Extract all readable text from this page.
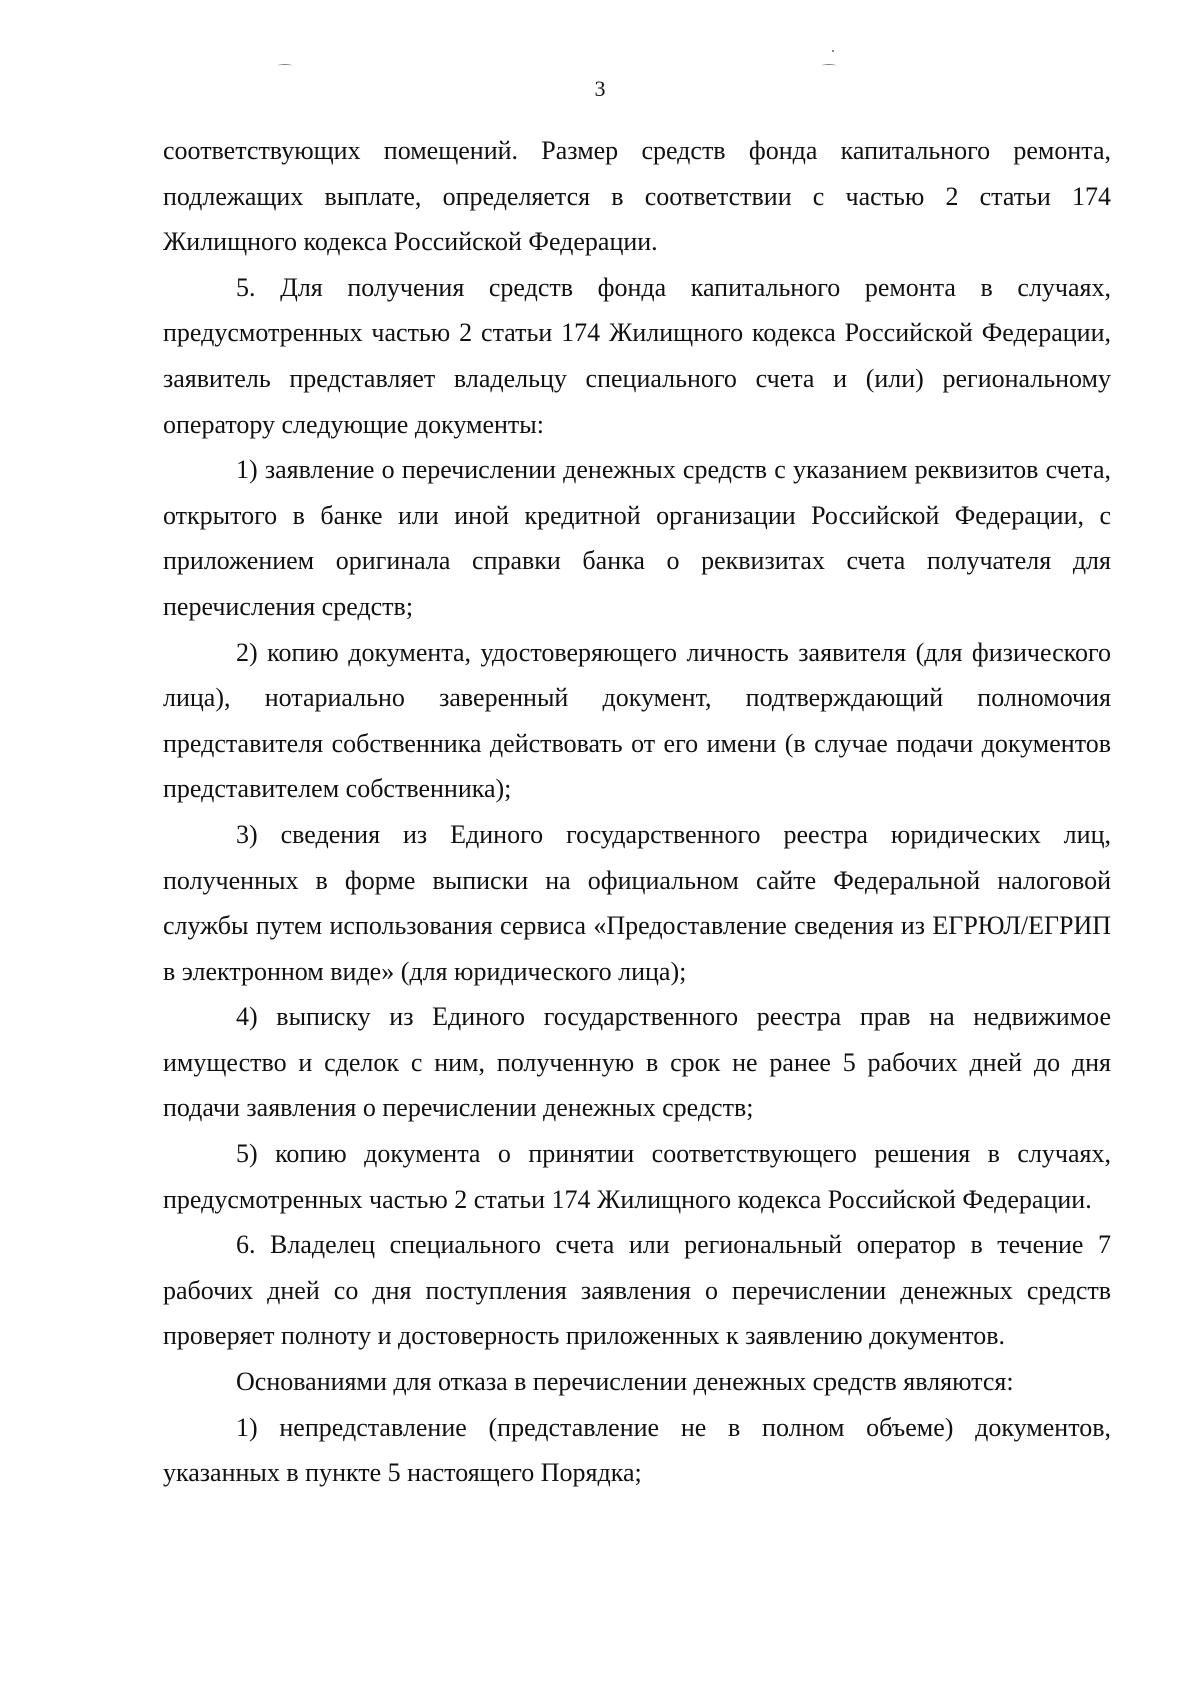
3

соответствующих помещений. Размер средств фонда капитального ремонта, подлежащих выплате, определяется в соответствии с частью 2 статьи 174 Жилищного кодекса Российской Федерации.

5. Для получения средств фонда капитального ремонта в случаях, предусмотренных частью 2 статьи 174 Жилищного кодекса Российской Федерации, заявитель представляет владельцу специального счета и (или) региональному оператору следующие документы:

1) заявление о перечислении денежных средств с указанием реквизитов счета, открытого в банке или иной кредитной организации Российской Федерации, с приложением оригинала справки банка о реквизитах счета получателя для перечисления средств;

2) копию документа, удостоверяющего личность заявителя (для физического лица), нотариально заверенный документ, подтверждающий полномочия представителя собственника действовать от его имени (в случае подачи документов представителем собственника);

3) сведения из Единого государственного реестра юридических лиц, полученных в форме выписки на официальном сайте Федеральной налоговой службы путем использования сервиса «Предоставление сведения из ЕГРЮЛ/ЕГРИП в электронном виде» (для юридического лица);

4) выписку из Единого государственного реестра прав на недвижимое имущество и сделок с ним, полученную в срок не ранее 5 рабочих дней до дня подачи заявления о перечислении денежных средств;

5) копию документа о принятии соответствующего решения в случаях, предусмотренных частью 2 статьи 174 Жилищного кодекса Российской Федерации.

6. Владелец специального счета или региональный оператор в течение 7 рабочих дней со дня поступления заявления о перечислении денежных средств проверяет полноту и достоверность приложенных к заявлению документов.

Основаниями для отказа в перечислении денежных средств являются:

1) непредставление (представление не в полном объеме) документов, указанных в пункте 5 настоящего Порядка;
